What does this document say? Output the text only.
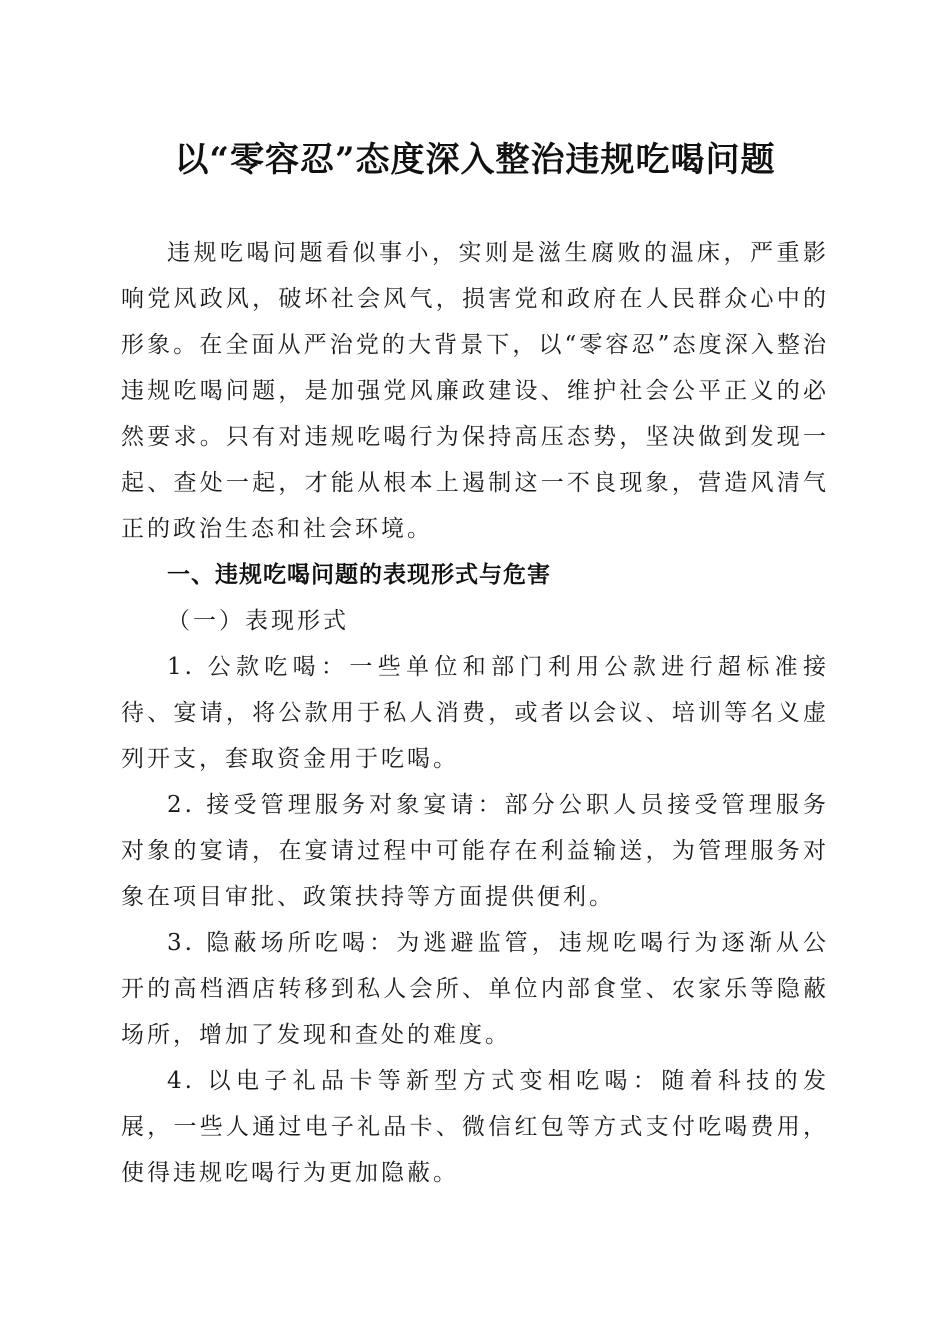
以“零容忍”态度深入整治违规吃喝问题

违规吃喝问题看似事小，实则是滋生腐败的温床，严重影响党风政风，破坏社会风气，损害党和政府在人民群众心中的形象。在全面从严治党的大背景下，以“零容忍”态度深入整治违规吃喝问题，是加强党风廉政建设、维护社会公平正义的必然要求。只有对违规吃喝行为保持高压态势，坚决做到发现一起、查处一起，才能从根本上遏制这一不良现象，营造风清气正的政治生态和社会环境。

一、违规吃喝问题的表现形式与危害
（一）表现形式

1. 公款吃喝：一些单位和部门利用公款进行超标准接待、宴请，将公款用于私人消费，或者以会议、培训等名义虚列开支，套取资金用于吃喝。

2. 接受管理服务对象宴请：部分公职人员接受管理服务对象的宴请，在宴请过程中可能存在利益输送，为管理服务对象在项目审批、政策扶持等方面提供便利。

3. 隐蔽场所吃喝：为逃避监管，违规吃喝行为逐渐从公开的高档酒店转移到私人会所、单位内部食堂、农家乐等隐蔽场所，增加了发现和查处的难度。

4. 以电子礼品卡等新型方式变相吃喝：随着科技的发展，一些人通过电子礼品卡、微信红包等方式支付吃喝费用，使得违规吃喝行为更加隐蔽。
